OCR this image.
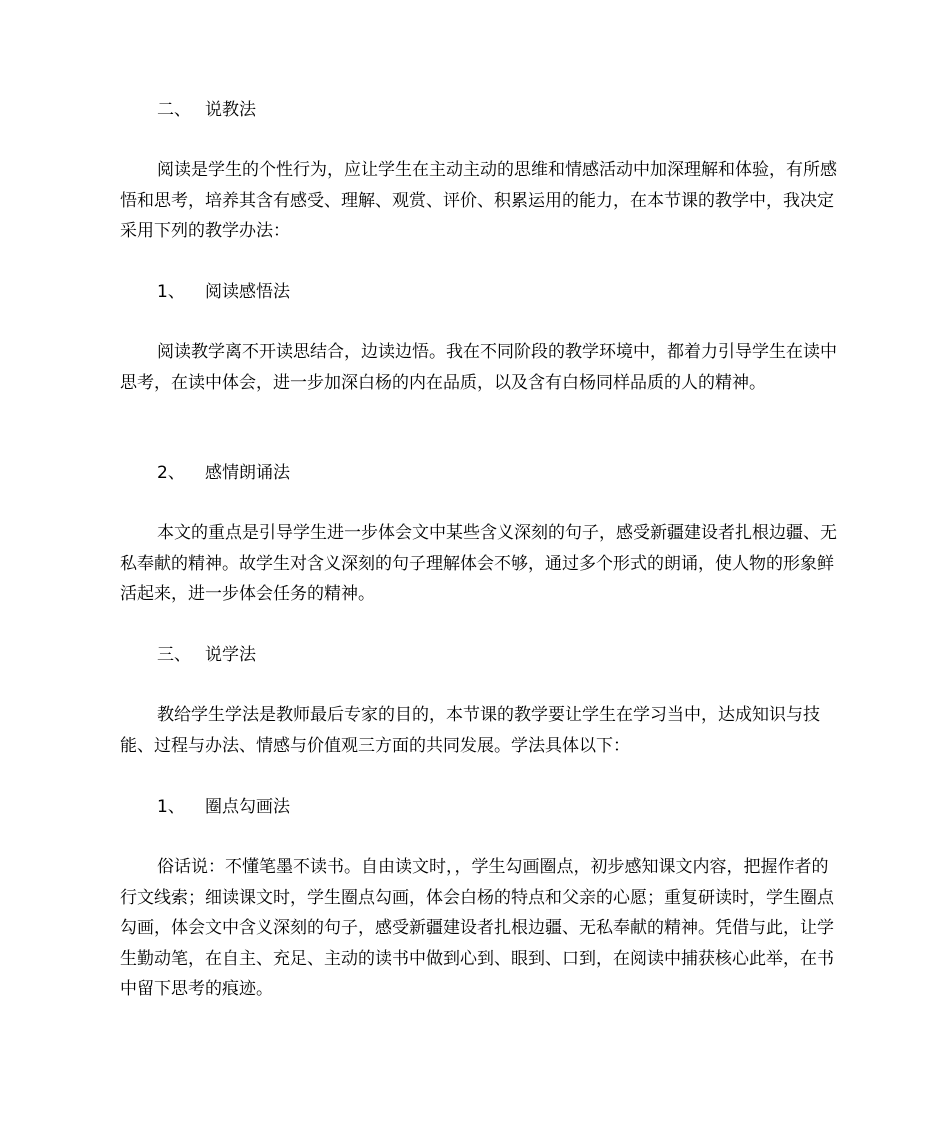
二、 说教法

阅读是学生的个性行为，应让学生在主动主动的思维和情感活动中加深理解和体验，有所感悟和思考，培养其含有感受、理解、观赏、评价、积累运用的能力，在本节课的教学中，我决定采用下列的教学办法：

1、 阅读感悟法

阅读教学离不开读思结合，边读边悟。我在不同阶段的教学环境中，都着力引导学生在读中思考，在读中体会，进一步加深白杨的内在品质，以及含有白杨同样品质的人的精神。

2、 感情朗诵法

本文的重点是引导学生进一步体会文中某些含义深刻的句子，感受新疆建设者扎根边疆、无私奉献的精神。故学生对含义深刻的句子理解体会不够，通过多个形式的朗诵，使人物的形象鲜活起来，进一步体会任务的精神。

三、 说学法

教给学生学法是教师最后专家的目的，本节课的教学要让学生在学习当中，达成知识与技能、过程与办法、情感与价值观三方面的共同发展。学法具体以下：

1、 圈点勾画法

俗话说：不懂笔墨不读书。自由读文时，，学生勾画圈点，初步感知课文内容，把握作者的行文线索；细读课文时，学生圈点勾画，体会白杨的特点和父亲的心愿；重复研读时，学生圈点勾画，体会文中含义深刻的句子，感受新疆建设者扎根边疆、无私奉献的精神。凭借与此，让学生勤动笔，在自主、充足、主动的读书中做到心到、眼到、口到，在阅读中捕获核心此举，在书中留下思考的痕迹。
